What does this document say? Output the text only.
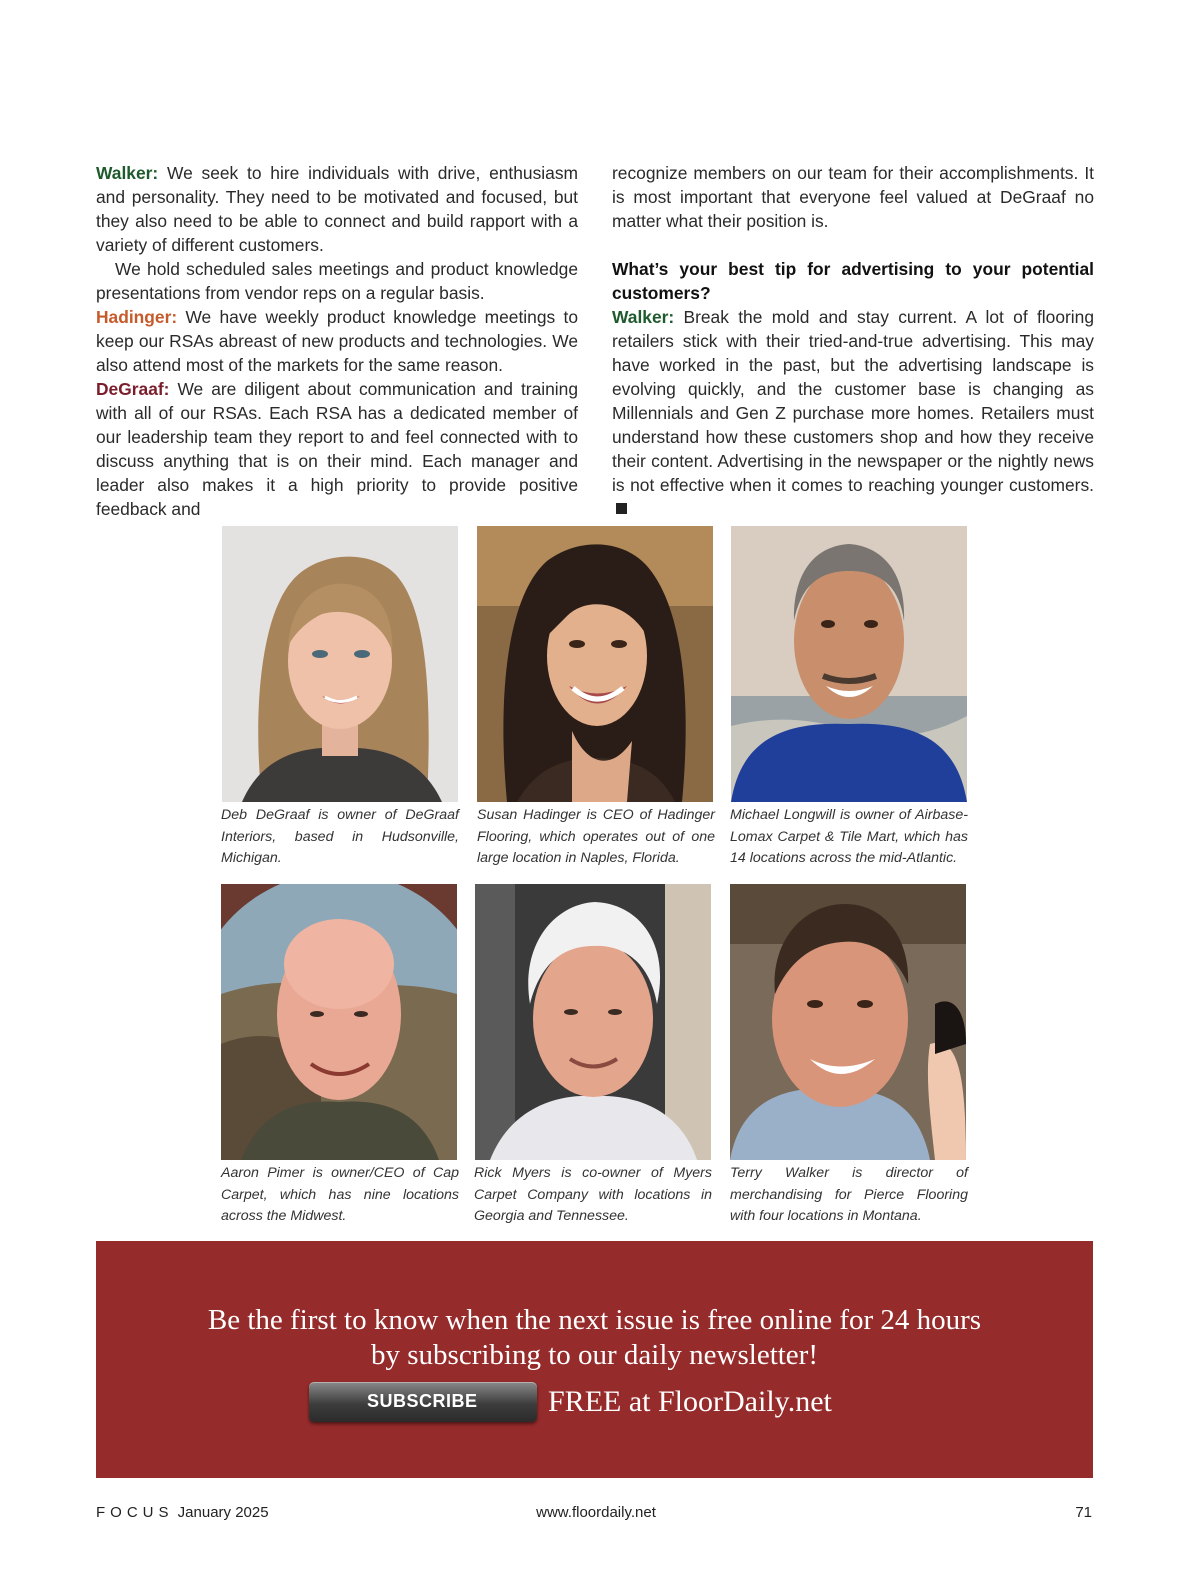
Walker: We seek to hire individuals with drive, enthusiasm and personality. They need to be motivated and focused, but they also need to be able to connect and build rapport with a variety of different customers.

We hold scheduled sales meetings and product knowledge presentations from vendor reps on a regular basis.

Hadinger: We have weekly product knowledge meetings to keep our RSAs abreast of new products and technologies. We also attend most of the markets for the same reason.

DeGraaf: We are diligent about communication and training with all of our RSAs. Each RSA has a dedicated member of our leadership team they report to and feel connected with to discuss anything that is on their mind. Each manager and leader also makes it a high priority to provide positive feedback and

recognize members on our team for their accomplishments. It is most important that everyone feel valued at DeGraaf no matter what their position is.

What’s your best tip for advertising to your potential customers?

Walker: Break the mold and stay current. A lot of flooring retailers stick with their tried-and-true advertising. This may have worked in the past, but the advertising landscape is evolving quickly, and the customer base is changing as Millennials and Gen Z purchase more homes. Retailers must understand how these customers shop and how they receive their content. Advertising in the newspaper or the nightly news is not effective when it comes to reaching younger customers.

Deb DeGraaf is owner of DeGraaf Interiors, based in Hudsonville, Michigan.
Susan Hadinger is CEO of Hadinger Flooring, which operates out of one large location in Naples, Florida.
Michael Longwill is owner of Airbase-Lomax Carpet & Tile Mart, which has 14 locations across the mid-Atlantic.
Aaron Pimer is owner/CEO of Cap Carpet, which has nine locations across the Midwest.
Rick Myers is co-owner of Myers Carpet Company with locations in Georgia and Tennessee.
Terry Walker is director of merchandising for Pierce Flooring with four locations in Montana.
Be the first to know when the next issue is free online for 24 hours
by subscribing to our daily newsletter!
SUBSCRIBE	FREE at FloorDaily.net
FOCUS January 2025	www.floordaily.net	71
